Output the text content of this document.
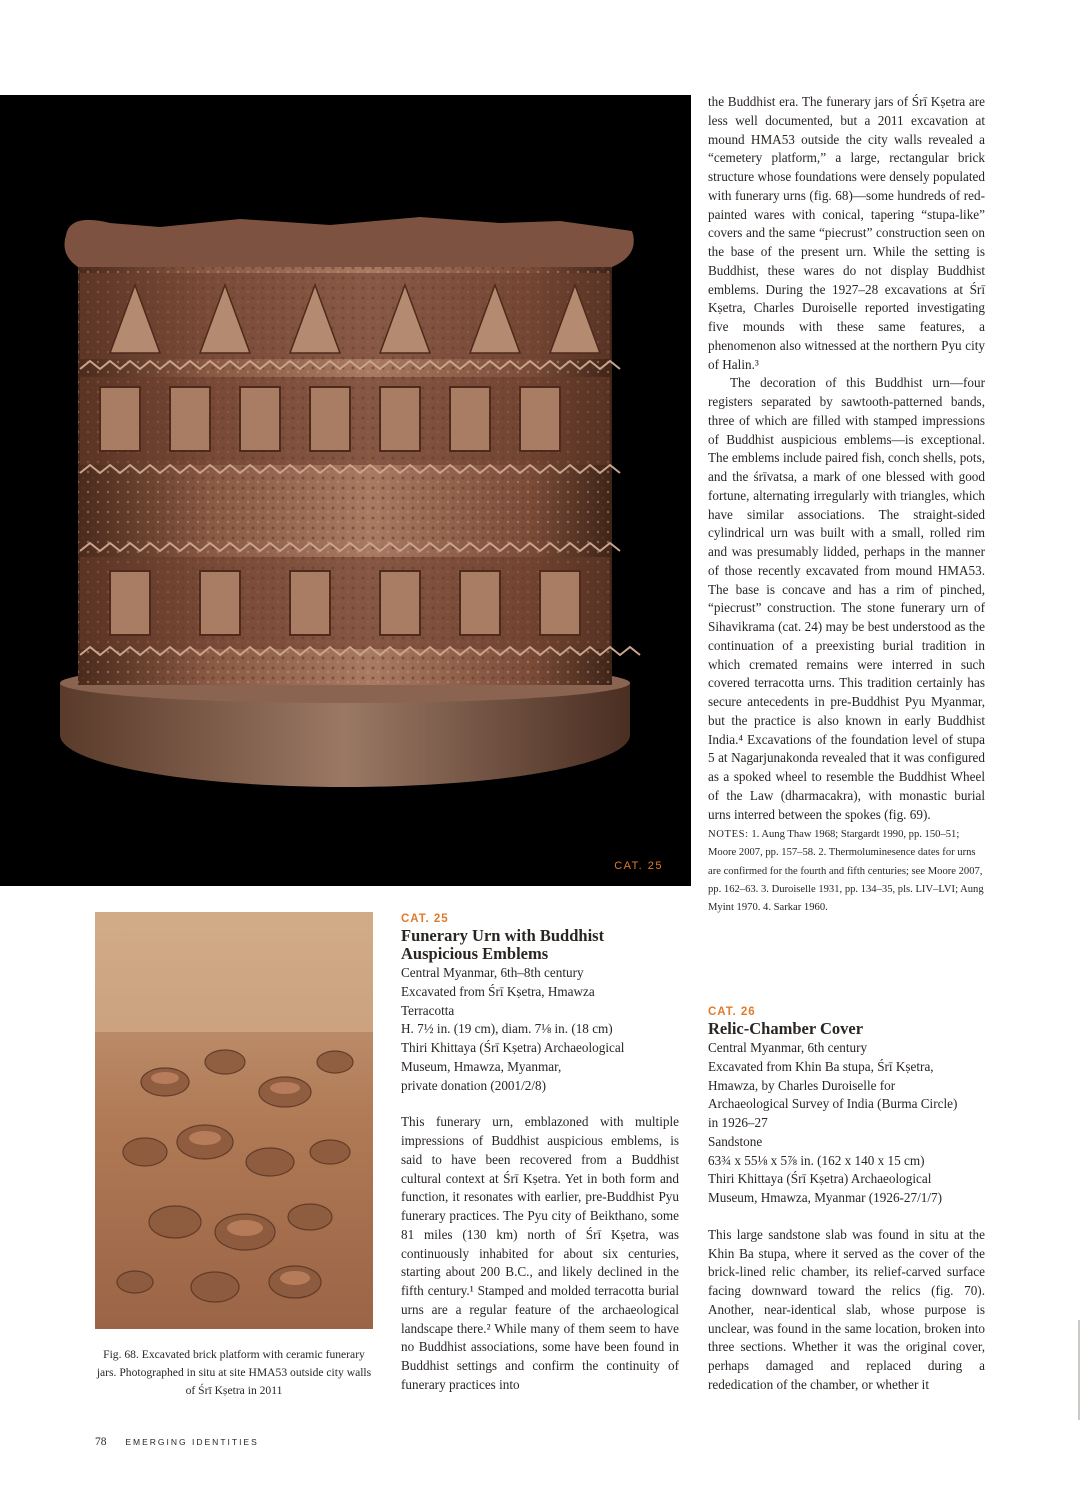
CAT. 25

the Buddhist era. The funerary jars of Śrī Kṣetra are less well documented, but a 2011 excavation at mound HMA53 outside the city walls revealed a “cemetery platform,” a large, rectangular brick structure whose foundations were densely populated with funerary urns (fig. 68)—some hundreds of red-painted wares with conical, tapering “stupa-like” covers and the same “piecrust” construction seen on the base of the present urn. While the setting is Buddhist, these wares do not display Buddhist emblems. During the 1927–28 excavations at Śrī Kṣetra, Charles Duroiselle reported investigating five mounds with these same features, a phenomenon also witnessed at the northern Pyu city of Halin.³

The decoration of this Buddhist urn—four registers separated by sawtooth-patterned bands, three of which are filled with stamped impressions of Buddhist auspicious emblems—is exceptional. The emblems include paired fish, conch shells, pots, and the śrīvatsa, a mark of one blessed with good fortune, alternating irregularly with triangles, which have similar associations. The straight-sided cylindrical urn was built with a small, rolled rim and was presumably lidded, perhaps in the manner of those recently excavated from mound HMA53. The base is concave and has a rim of pinched, “piecrust” construction. The stone funerary urn of Sihavikrama (cat. 24) may be best understood as the continuation of a preexisting burial tradition in which cremated remains were interred in such covered terracotta urns. This tradition certainly has secure antecedents in pre-Buddhist Pyu Myanmar, but the practice is also known in early Buddhist India.⁴ Excavations of the foundation level of stupa 5 at Nagarjunakonda revealed that it was configured as a spoked wheel to resemble the Buddhist Wheel of the Law (dharmacakra), with monastic burial urns interred between the spokes (fig. 69).

NOTES: 1. Aung Thaw 1968; Stargardt 1990, pp. 150–51; Moore 2007, pp. 157–58. 2. Thermoluminesence dates for urns are confirmed for the fourth and fifth centuries; see Moore 2007, pp. 162–63. 3. Duroiselle 1931, pp. 134–35, pls. LIV–LVI; Aung Myint 1970. 4. Sarkar 1960.
Fig. 68. Excavated brick platform with ceramic funerary jars. Photographed in situ at site HMA53 outside city walls of Śrī Kṣetra in 2011
CAT. 25
Funerary Urn with Buddhist Auspicious Emblems
Central Myanmar, 6th–8th century
Excavated from Śrī Kṣetra, Hmawza
Terracotta
H. 7½ in. (19 cm), diam. 7⅛ in. (18 cm)
Thiri Khittaya (Śrī Kṣetra) Archaeological
Museum, Hmawza, Myanmar,
private donation (2001/2/8)
This funerary urn, emblazoned with multiple impressions of Buddhist auspicious emblems, is said to have been recovered from a Buddhist cultural context at Śrī Kṣetra. Yet in both form and function, it resonates with earlier, pre-Buddhist Pyu funerary practices. The Pyu city of Beikthano, some 81 miles (130 km) north of Śrī Kṣetra, was continuously inhabited for about six centuries, starting about 200 B.C., and likely declined in the fifth century.¹ Stamped and molded terracotta burial urns are a regular feature of the archaeological landscape there.² While many of them seem to have no Buddhist associations, some have been found in Buddhist settings and confirm the continuity of funerary practices into
CAT. 26
Relic-Chamber Cover
Central Myanmar, 6th century
Excavated from Khin Ba stupa, Śrī Kṣetra,
Hmawza, by Charles Duroiselle for
Archaeological Survey of India (Burma Circle)
in 1926–27
Sandstone
63¾ x 55⅛ x 5⅞ in. (162 x 140 x 15 cm)
Thiri Khittaya (Śrī Kṣetra) Archaeological
Museum, Hmawza, Myanmar (1926-27/1/7)
This large sandstone slab was found in situ at the Khin Ba stupa, where it served as the cover of the brick-lined relic chamber, its relief-carved surface facing downward toward the relics (fig. 70). Another, near-identical slab, whose purpose is unclear, was found in the same location, broken into three sections. Whether it was the original cover, perhaps damaged and replaced during a rededication of the chamber, or whether it
78 EMERGING IDENTITIES
